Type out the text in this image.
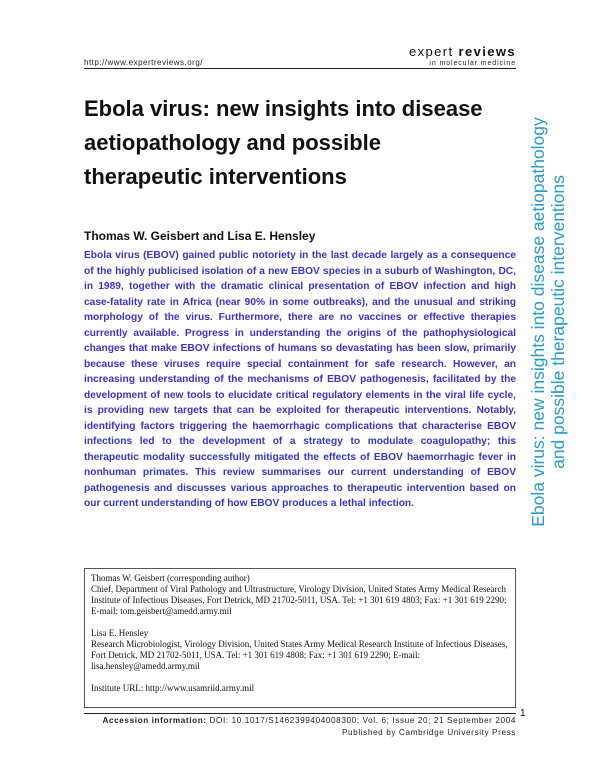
http://www.expertreviews.org/
expert reviews
in molecular medicine
Ebola virus: new insights into disease aetiopathology and possible therapeutic interventions
Thomas W. Geisbert and Lisa E. Hensley

Ebola virus (EBOV) gained public notoriety in the last decade largely as a consequence of the highly publicised isolation of a new EBOV species in a suburb of Washington, DC, in 1989, together with the dramatic clinical presentation of EBOV infection and high case-fatality rate in Africa (near 90% in some outbreaks), and the unusual and striking morphology of the virus. Furthermore, there are no vaccines or effective therapies currently available. Progress in understanding the origins of the pathophysiological changes that make EBOV infections of humans so devastating has been slow, primarily because these viruses require special containment for safe research. However, an increasing understanding of the mechanisms of EBOV pathogenesis, facilitated by the development of new tools to elucidate critical regulatory elements in the viral life cycle, is providing new targets that can be exploited for therapeutic interventions. Notably, identifying factors triggering the haemorrhagic complications that characterise EBOV infections led to the development of a strategy to modulate coagulopathy; this therapeutic modality successfully mitigated the effects of EBOV haemorrhagic fever in nonhuman primates. This review summarises our current understanding of EBOV pathogenesis and discusses various approaches to therapeutic intervention based on our current understanding of how EBOV produces a lethal infection.	Ebola virus: new insights into disease aetiopathology and possible therapeutic interventions

Thomas W. Geisbert (corresponding author)

Chief, Department of Viral Pathology and Ultrastructure, Virology Division, United States Army Medical Research Institute of Infectious Diseases, Fort Detrick, MD 21702-5011, USA. Tel: +1 301 619 4803; Fax: +1 301 619 2290; E-mail: tom.geisbert@amedd.army.mil

Lisa E. Hensley

Research Microbiologist, Virology Division, United States Army Medical Research Institute of Infectious Diseases, Fort Detrick, MD 21702-5011, USA. Tel: +1 301 619 4808; Fax: +1 301 619 2290; E-mail: lisa.hensley@amedd.army.mil

Institute URL: http://www.usamriid.army.mil

1
Accession information: DOI: 10.1017/S1462399404008300; Vol. 6; Issue 20; 21 September 2004
Published by Cambridge University Press
